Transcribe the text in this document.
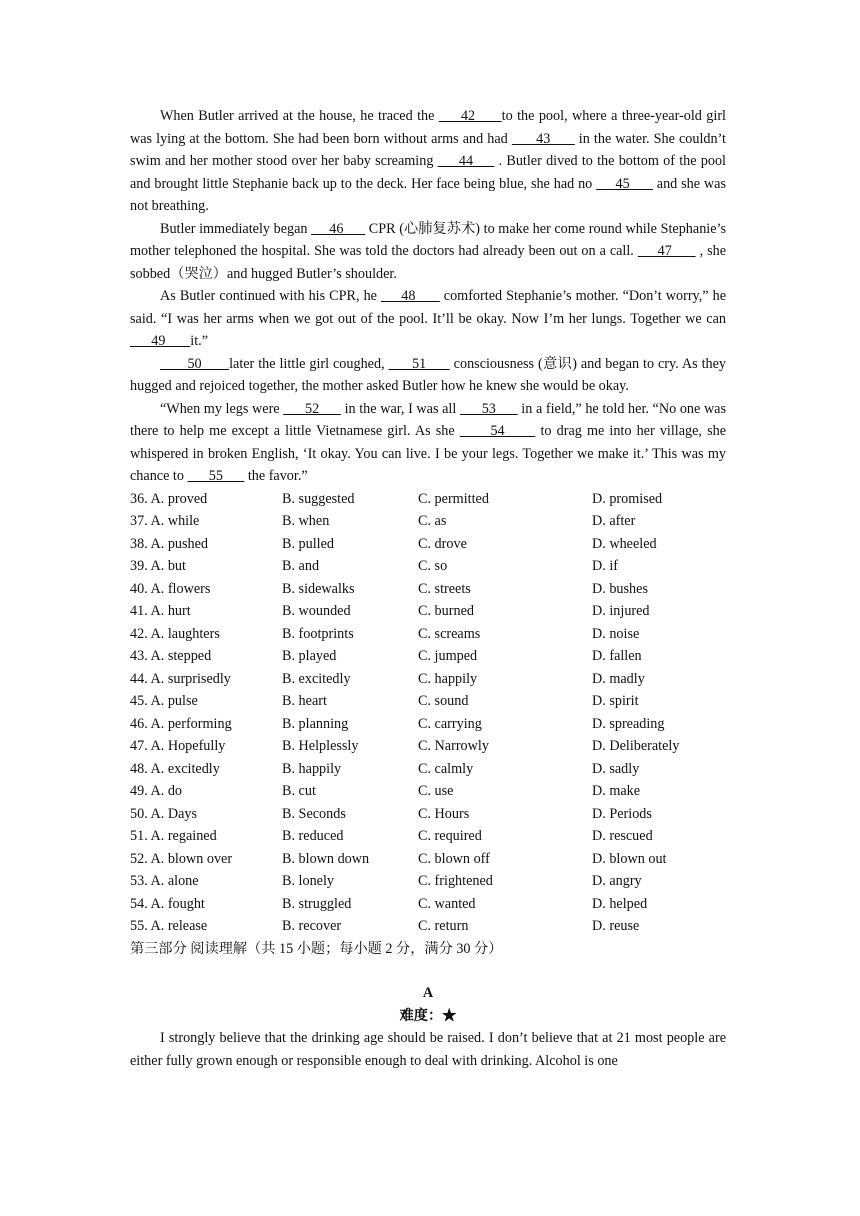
When Butler arrived at the house, he traced the      42      to the pool, where a three-year-old girl was lying at the bottom. She had been born without arms and had       43       in the water. She couldn’t swim and her mother stood over her baby screaming      44      . Butler dived to the bottom of the pool and brought little Stephanie back up to the deck. Her face being blue, she had no      45       and she was not breathing.

Butler immediately began      46       CPR (心肺复苏术) to make her come round while Stephanie’s mother telephoned the hospital. She was told the doctors had already been out on a call.      47       , she sobbed（哭泣）and hugged Butler’s shoulder.

As Butler continued with his CPR, he      48       comforted Stephanie’s mother. “Don’t worry,” he said. “I was her arms when we got out of the pool. It’ll be okay. Now I’m her lungs. Together we can       49       it.”

50       later the little girl coughed,       51       consciousness (意识) and began to cry. As they hugged and rejoiced together, the mother asked Butler how he knew she would be okay.

“When my legs were       52       in the war, I was all       53       in a field,” he told her. “No one was there to help me except a little Vietnamese girl. As she       54       to drag me into her village, she whispered in broken English, ‘It okay. You can live. I be your legs. Together we make it.’ This was my chance to       55       the favor.”

36. A. proved	B. suggested	C. permitted	D. promised
37. A. while	B. when	C. as	D. after
38. A. pushed	B. pulled	C. drove	D. wheeled
39. A. but	B. and	C. so	D. if
40. A. flowers	B. sidewalks	C. streets	D. bushes
41. A. hurt	B. wounded	C. burned	D. injured
42. A. laughters	B. footprints	C. screams	D. noise
43. A. stepped	B. played	C. jumped	D. fallen
44. A. surprisedly	B. excitedly	C. happily	D. madly
45. A. pulse	B. heart	C. sound	D. spirit
46. A. performing	B. planning	C. carrying	D. spreading
47. A. Hopefully	B. Helplessly	C. Narrowly	D. Deliberately
48. A. excitedly	B. happily	C. calmly	D. sadly
49. A. do	B. cut	C. use	D. make
50. A. Days	B. Seconds	C. Hours	D. Periods
51. A. regained	B. reduced	C. required	D. rescued
52. A. blown over	B. blown down	C. blown off	D. blown out
53. A. alone	B. lonely	C. frightened	D. angry
54. A. fought	B. struggled	C. wanted	D. helped
55. A. release	B. recover	C. return	D. reuse

第三部分 阅读理解（共 15 小题；每小题 2 分，满分 30 分）

A

难度：★

I strongly believe that the drinking age should be raised. I don’t believe that at 21 most people are either fully grown enough or responsible enough to deal with drinking. Alcohol is one
